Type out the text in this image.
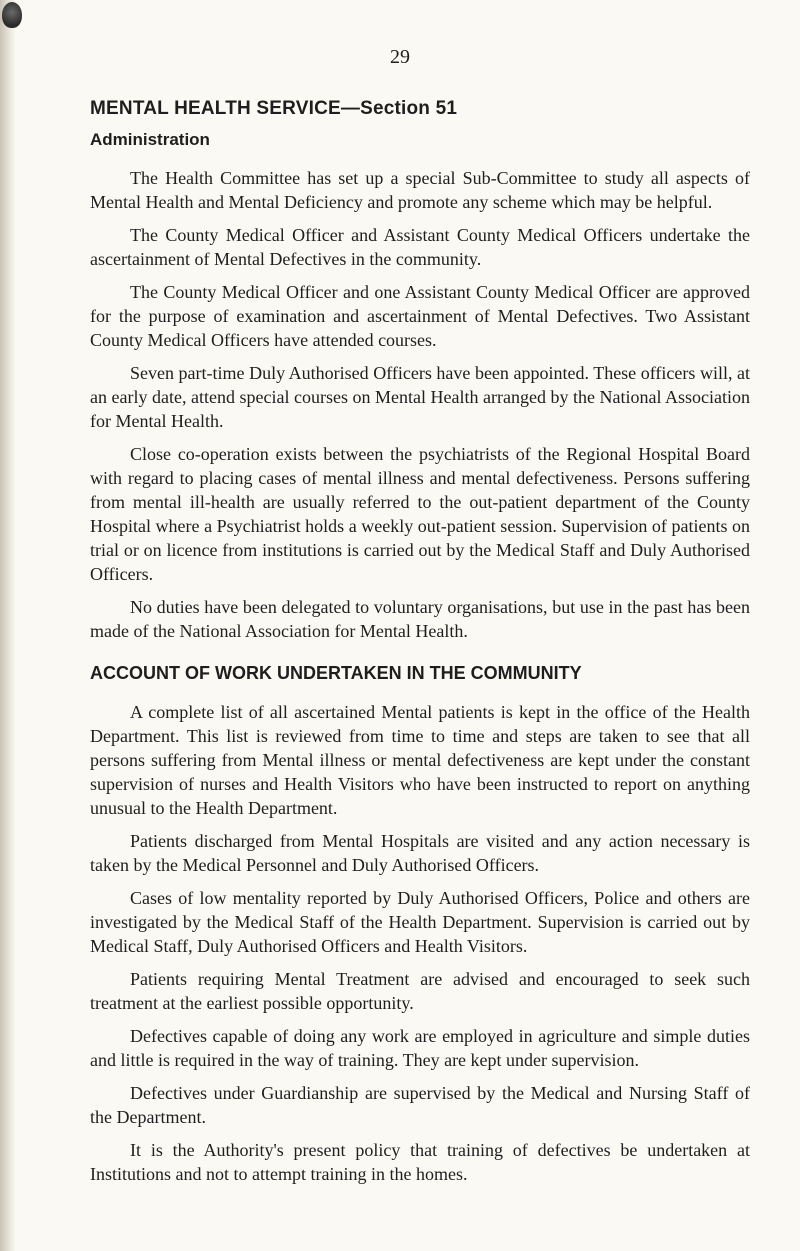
29
MENTAL HEALTH SERVICE—Section 51
Administration

The Health Committee has set up a special Sub-Committee to study all aspects of Mental Health and Mental Deficiency and promote any scheme which may be helpful.

The County Medical Officer and Assistant County Medical Officers undertake the ascertainment of Mental Defectives in the community.

The County Medical Officer and one Assistant County Medical Officer are approved for the purpose of examination and ascertainment of Mental Defectives. Two Assistant County Medical Officers have attended courses.

Seven part-time Duly Authorised Officers have been appointed. These officers will, at an early date, attend special courses on Mental Health arranged by the National Association for Mental Health.

Close co-operation exists between the psychiatrists of the Regional Hospital Board with regard to placing cases of mental illness and mental defectiveness. Persons suffering from mental ill-health are usually referred to the out-patient department of the County Hospital where a Psychiatrist holds a weekly out-patient session. Supervision of patients on trial or on licence from institutions is carried out by the Medical Staff and Duly Authorised Officers.

No duties have been delegated to voluntary organisations, but use in the past has been made of the National Association for Mental Health.

ACCOUNT OF WORK UNDERTAKEN IN THE COMMUNITY

A complete list of all ascertained Mental patients is kept in the office of the Health Department. This list is reviewed from time to time and steps are taken to see that all persons suffering from Mental illness or mental defectiveness are kept under the constant supervision of nurses and Health Visitors who have been instructed to report on anything unusual to the Health Department.

Patients discharged from Mental Hospitals are visited and any action necessary is taken by the Medical Personnel and Duly Authorised Officers.

Cases of low mentality reported by Duly Authorised Officers, Police and others are investigated by the Medical Staff of the Health Department. Supervision is carried out by Medical Staff, Duly Authorised Officers and Health Visitors.

Patients requiring Mental Treatment are advised and encouraged to seek such treatment at the earliest possible opportunity.

Defectives capable of doing any work are employed in agriculture and simple duties and little is required in the way of training. They are kept under supervision.

Defectives under Guardianship are supervised by the Medical and Nursing Staff of the Department.

It is the Authority's present policy that training of defectives be undertaken at Institutions and not to attempt training in the homes.
